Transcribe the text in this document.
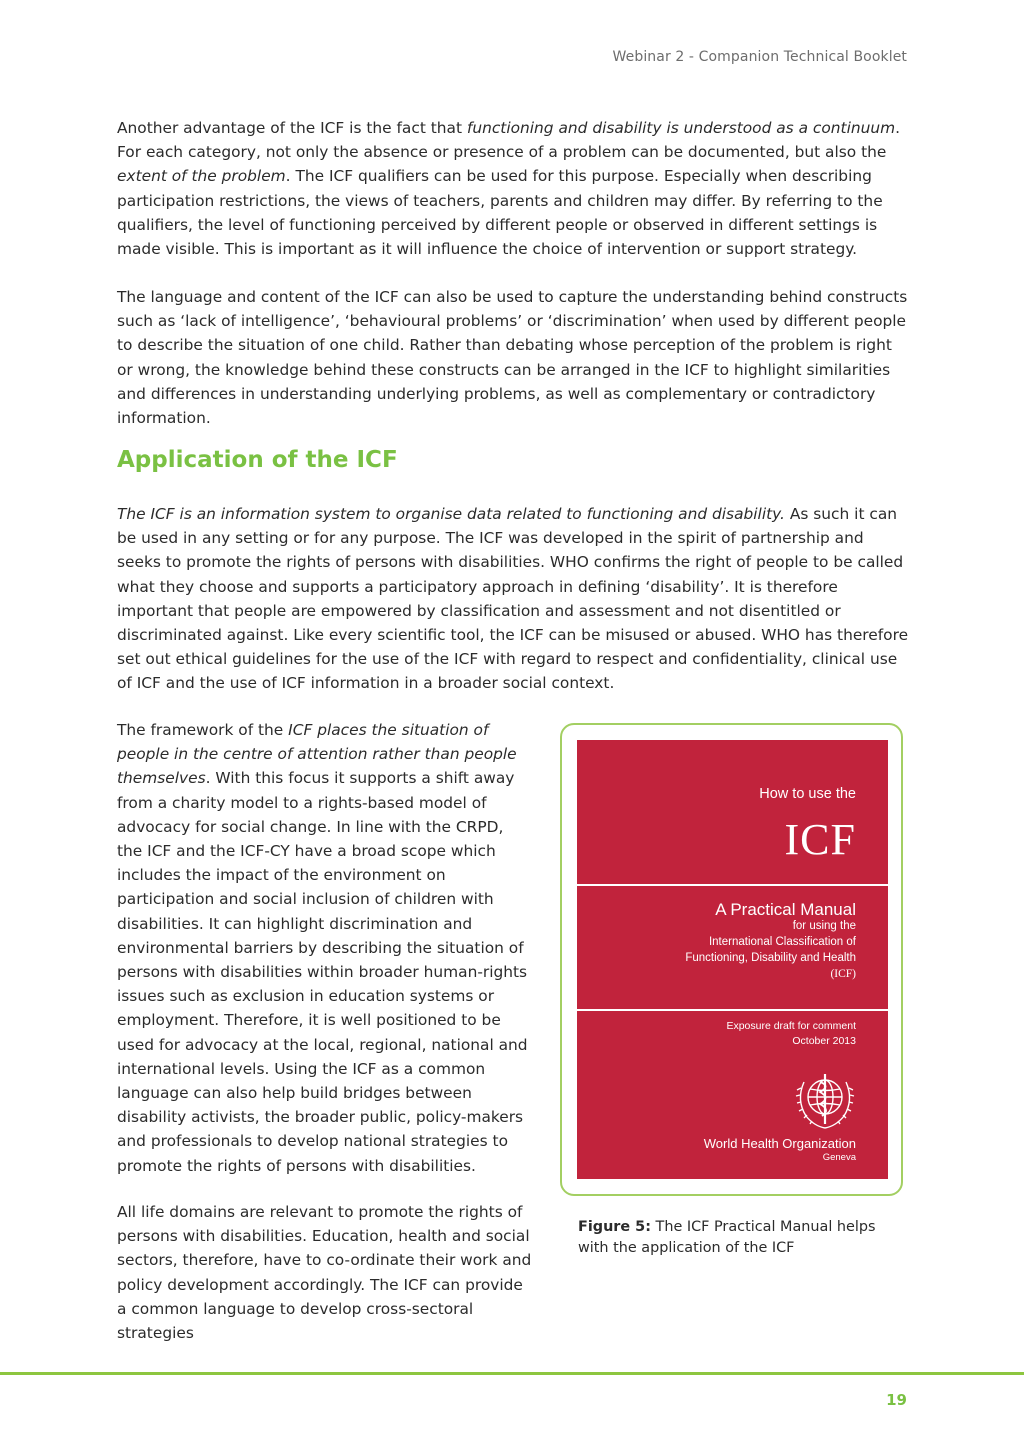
Webinar 2 - Companion Technical Booklet

Another advantage of the ICF is the fact that functioning and disability is understood as a continuum. For each category, not only the absence or presence of a problem can be documented, but also the extent of the problem. The ICF qualifiers can be used for this purpose. Especially when describing participation restrictions, the views of teachers, parents and children may differ. By referring to the qualifiers, the level of functioning perceived by different people or observed in different settings is made visible. This is important as it will influence the choice of intervention or support strategy.

The language and content of the ICF can also be used to capture the understanding behind constructs such as ‘lack of intelligence’, ‘behavioural problems’ or ‘discrimination’ when used by different people to describe the situation of one child. Rather than debating whose perception of the problem is right or wrong, the knowledge behind these constructs can be arranged in the ICF to highlight similarities and differences in understanding underlying problems, as well as complementary or contradictory information.

Application of the ICF

The ICF is an information system to organise data related to functioning and disability. As such it can be used in any setting or for any purpose. The ICF was developed in the spirit of partnership and seeks to promote the rights of persons with disabilities. WHO confirms the right of people to be called what they choose and supports a participatory approach in defining ‘disability’. It is therefore important that people are empowered by classification and assessment and not disentitled or discriminated against. Like every scientific tool, the ICF can be misused or abused. WHO has therefore set out ethical guidelines for the use of the ICF with regard to respect and confidentiality, clinical use of ICF and the use of ICF information in a broader social context.

The framework of the ICF places the situation of people in the centre of attention rather than people themselves. With this focus it supports a shift away from a charity model to a rights-based model of advocacy for social change. In line with the CRPD, the ICF and the ICF-CY have a broad scope which includes the impact of the environment on participation and social inclusion of children with disabilities. It can highlight discrimination and environmental barriers by describing the situation of persons with disabilities within broader human-rights issues such as exclusion in education systems or employment. Therefore, it is well positioned to be used for advocacy at the local, regional, national and international levels. Using the ICF as a common language can also help build bridges between disability activists, the broader public, policy-makers and professionals to develop national strategies to promote the rights of persons with disabilities.

All life domains are relevant to promote the rights of persons with disabilities. Education, health and social sectors, therefore, have to co-ordinate their work and policy development accordingly. The ICF can provide a common language to develop cross-sectoral strategies

How to use the
ICF
A Practical Manual
for using the
International Classification of
Functioning, Disability and Health
(ICF)
Exposure draft for comment
October 2013
World Health Organization
Geneva

Figure 5: The ICF Practical Manual helps with the application of the ICF

19
